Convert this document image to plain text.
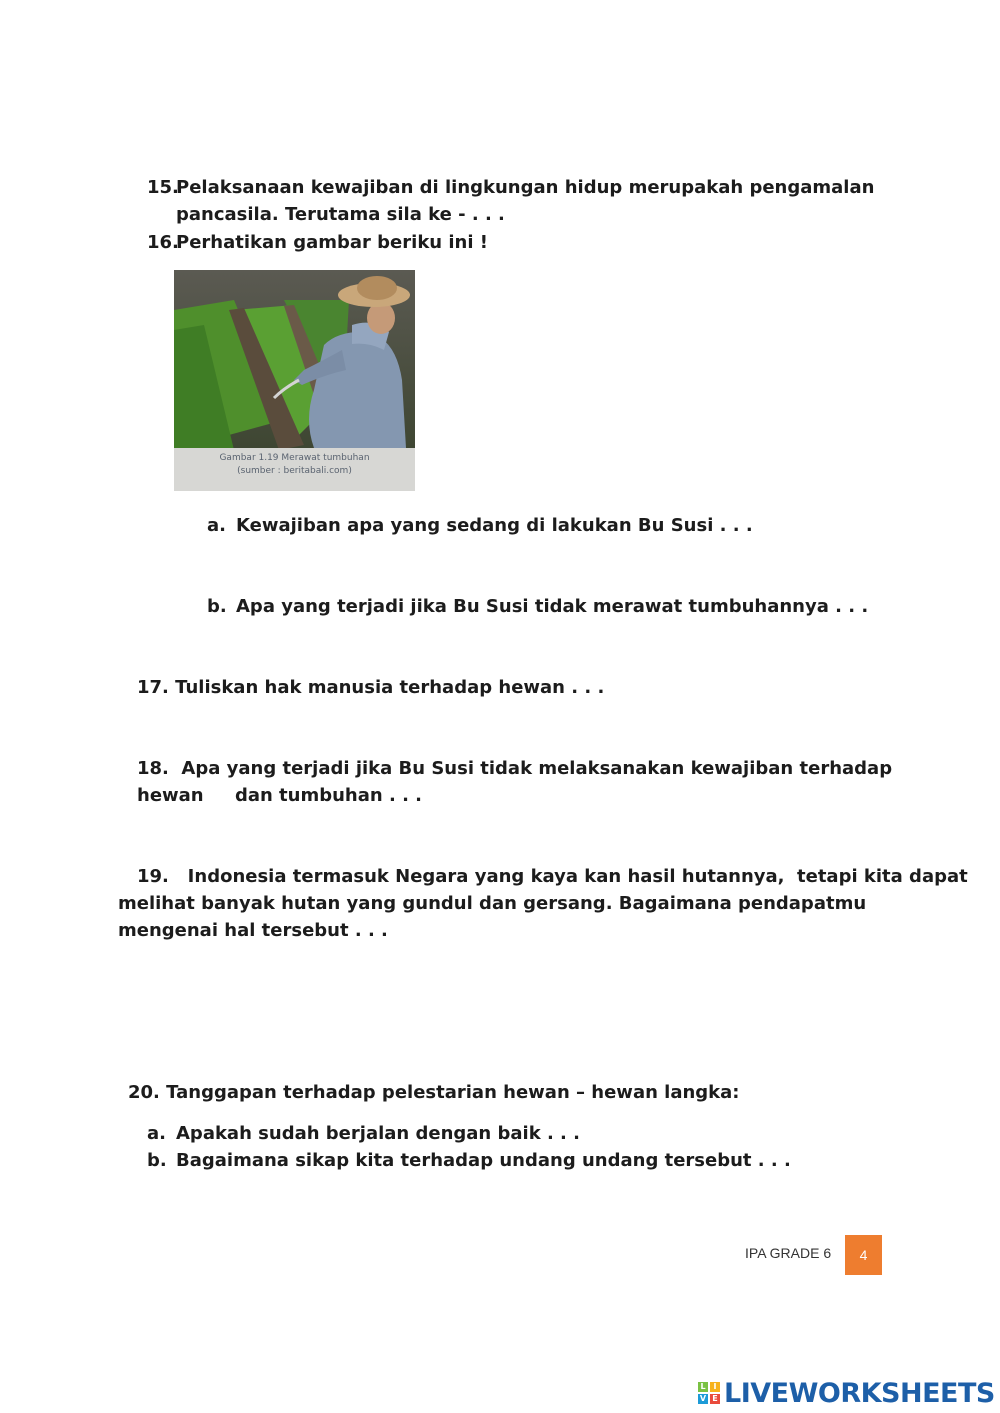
15.Pelaksanaan kewajiban di lingkungan hidup merupakah pengamalan
pancasila. Terutama sila ke - . . .
16.Perhatikan gambar beriku ini !
Gambar 1.19 Merawat tumbuhan
(sumber : beritabali.com)
a. Kewajiban apa yang sedang di lakukan Bu Susi . . .
b. Apa yang terjadi jika Bu Susi tidak merawat tumbuhannya . . .
17. Tuliskan hak manusia terhadap hewan . . .
18.  Apa yang terjadi jika Bu Susi tidak melaksanakan kewajiban terhadap
hewan     dan tumbuhan . . .
19.   Indonesia termasuk Negara yang kaya kan hasil hutannya,  tetapi kita dapat
melihat banyak hutan yang gundul dan gersang. Bagaimana pendapatmu
mengenai hal tersebut . . .
20. Tanggapan terhadap pelestarian hewan – hewan langka:
a. Apakah sudah berjalan dengan baik . . .
b. Bagaimana sikap kita terhadap undang undang tersebut . . .
IPA GRADE 6	4
L I
V E LIVEWORKSHEETS
